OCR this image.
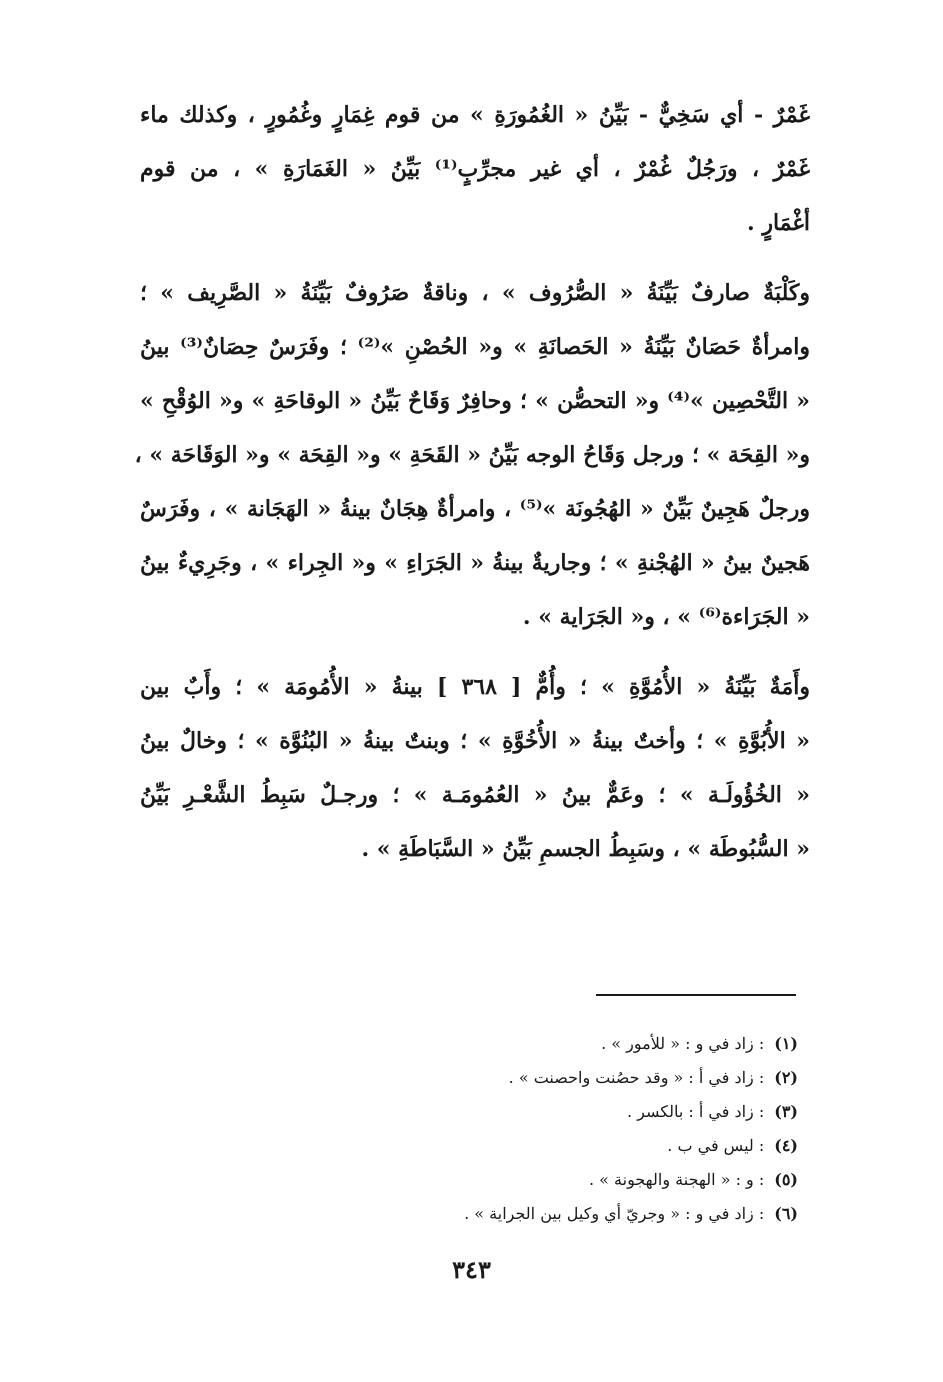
غَمْرٌ - أي سَخِيٌّ - بَيِّنُ « الغُمُورَةِ » من قوم غِمَارٍ وغُمُورٍ ، وكذلك ماء
غَمْرٌ ، ورَجُلٌ غُمْرٌ ، أي غير مجرِّبٍ⁽¹⁾ بَيِّنُ « الغَمَارَةِ » ، من قوم
أغْمَارٍ .

وكَلْبَةٌ صارفٌ بَيِّنَةُ « الصُّرُوف » ، وناقةٌ صَرُوفٌ بَيِّنَةُ « الصَّرِيف » ؛
وامرأةٌ حَصَانٌ بَيِّنَةُ « الحَصانَةِ » و« الحُصْنِ »⁽²⁾ ؛ وفَرَسٌ حِصَانٌ⁽³⁾ بينُ
« التَّحْصِين »⁽⁴⁾ و« التحصُّن » ؛ وحافِرٌ وَقَاحٌ بَيِّنُ « الوقاحَةِ » و« الوُقْحِ »
و« القِحَة » ؛ ورجل وَقَاحُ الوجه بَيِّنُ « القَحَةِ » و« القِحَة » و« الوَقَاحَة » ،
ورجلٌ هَجِينٌ بَيِّنٌ « الهُجُونَة »⁽⁵⁾ ، وامرأةٌ هِجَانٌ بينةُ « الهَجَانة » ، وفَرَسٌ
هَجينٌ بينُ « الهُجْنةِ » ؛ وجاريةٌ بينةُ « الجَرَاءِ » و« الجِراء » ، وجَرِيءٌ بينُ
« الجَرَاءة⁽⁶⁾ » ، و« الجَرَاية » .

وأَمَةٌ بَيِّنَةُ « الأُمُوَّةِ » ؛ وأُمٌّ [ ٣٦٨ ] بينةُ « الأُمُومَة » ؛ وأَبٌ بين
« الأُبُوَّةِ » ؛ وأختٌ بينةُ « الأُخُوَّةِ » ؛ وبنتٌ بينةُ « البُنُوَّة » ؛ وخالٌ بينُ
« الخُؤُولَـة » ؛ وعَمٌّ بينُ « العُمُومَـة » ؛ ورجـلٌ سَبِطُ الشَّعْـرِ بَيِّنُ
« السُّبُوطَة » ، وسَبِطُ الجسمِ بَيِّنُ « السَّبَاطَةِ » .

(١): زاد في و : « للأمور » .
(٢): زاد في أ : « وقد حصُنت واحصنت » .
(٣): زاد في أ : بالكسر .
(٤): ليس في ب .
(٥): و : « الهجنة والهجونة » .
(٦): زاد في و : « وجريّ أي وكيل بين الجراية » .
٣٤٣
